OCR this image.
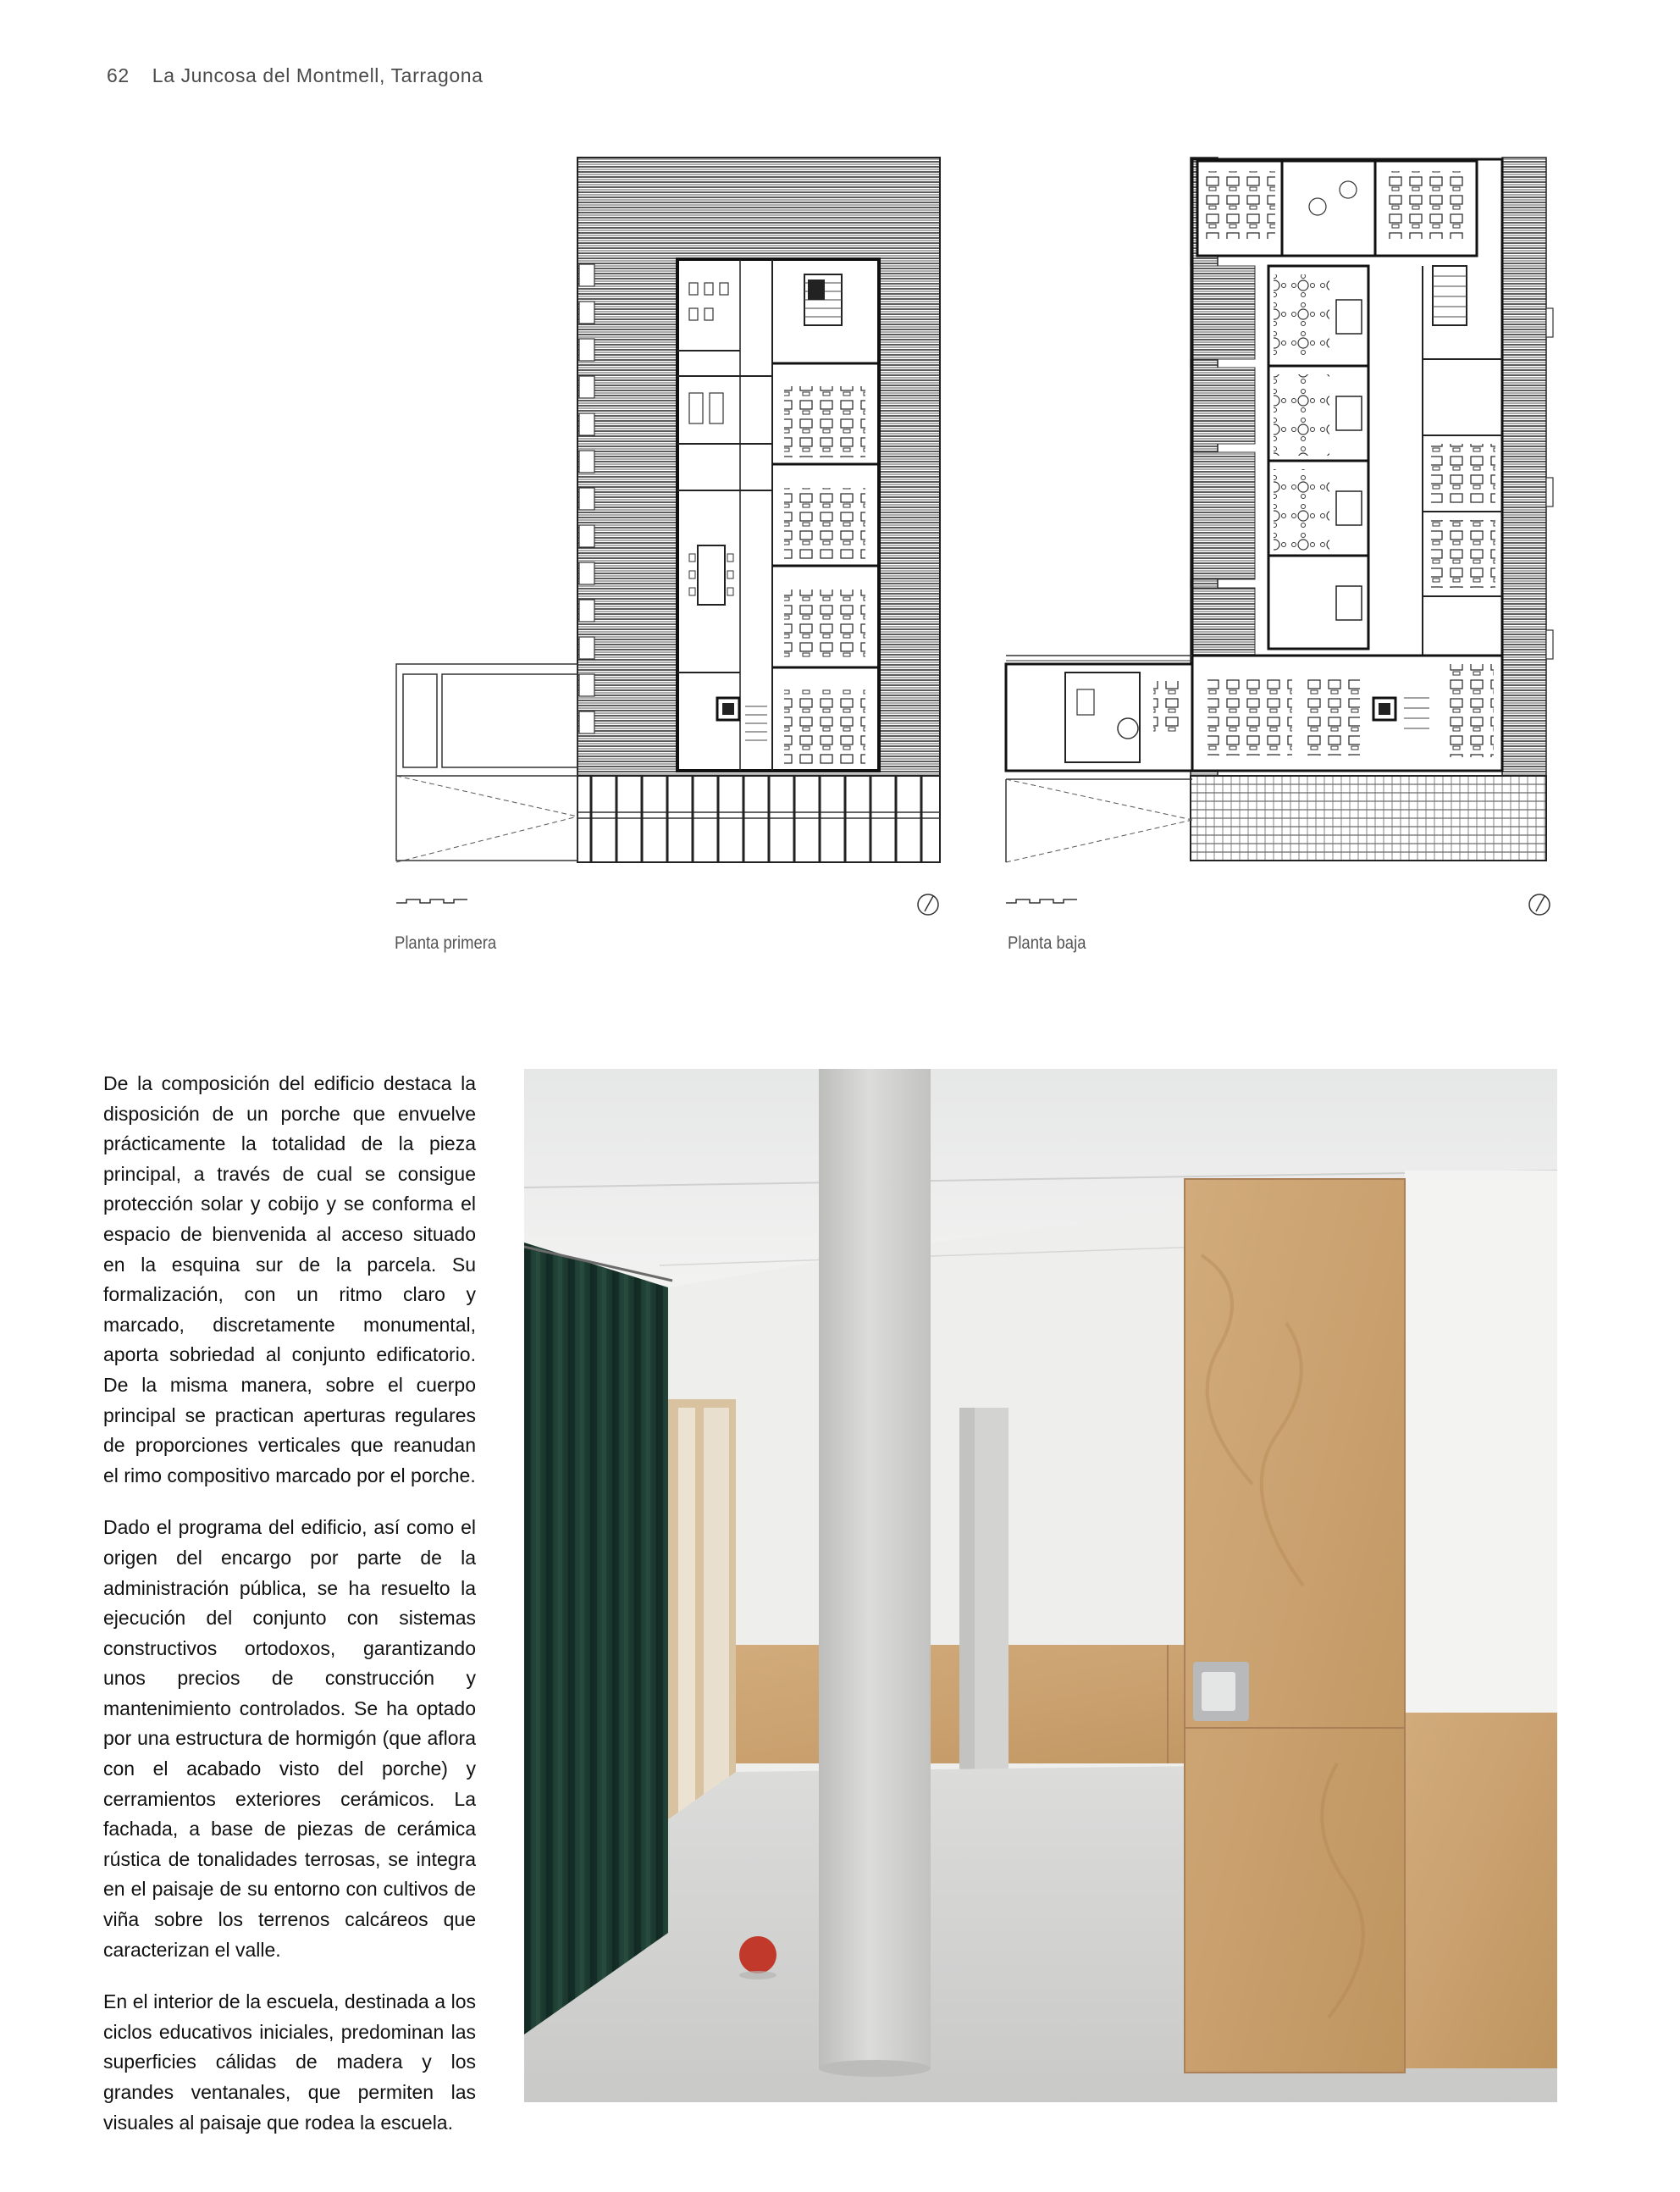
62 La Juncosa del Montmell, Tarragona
Planta primera	Planta baja

De la composición del edificio destaca la disposición de un porche que envuelve prácticamente la totalidad de la pieza principal, a través de cual se consigue protección solar y cobijo y se conforma el espacio de bienvenida al acceso situado en la esquina sur de la parcela. Su formalización, con un ritmo claro y marcado, discretamente monumental, aporta sobriedad al conjunto edificatorio. De la misma manera, sobre el cuerpo principal se practican aperturas regulares de proporciones verticales que reanudan el rimo compositivo marcado por el porche.

Dado el programa del edificio, así como el origen del encargo por parte de la administración pública, se ha resuelto la ejecución del conjunto con sistemas constructivos ortodoxos, garantizando unos precios de construcción y mantenimiento controlados. Se ha optado por una estructura de hormigón (que aflora con el acabado visto del porche) y cerramientos exteriores cerámicos. La fachada, a base de piezas de cerámica rústica de tonalidades terrosas, se integra en el paisaje de su entorno con cultivos de viña sobre los terrenos calcáreos que caracterizan el valle.

En el interior de la escuela, destinada a los ciclos educativos iniciales, predominan las superficies cálidas de madera y los grandes ventanales, que permiten las visuales al paisaje que rodea la escuela.
